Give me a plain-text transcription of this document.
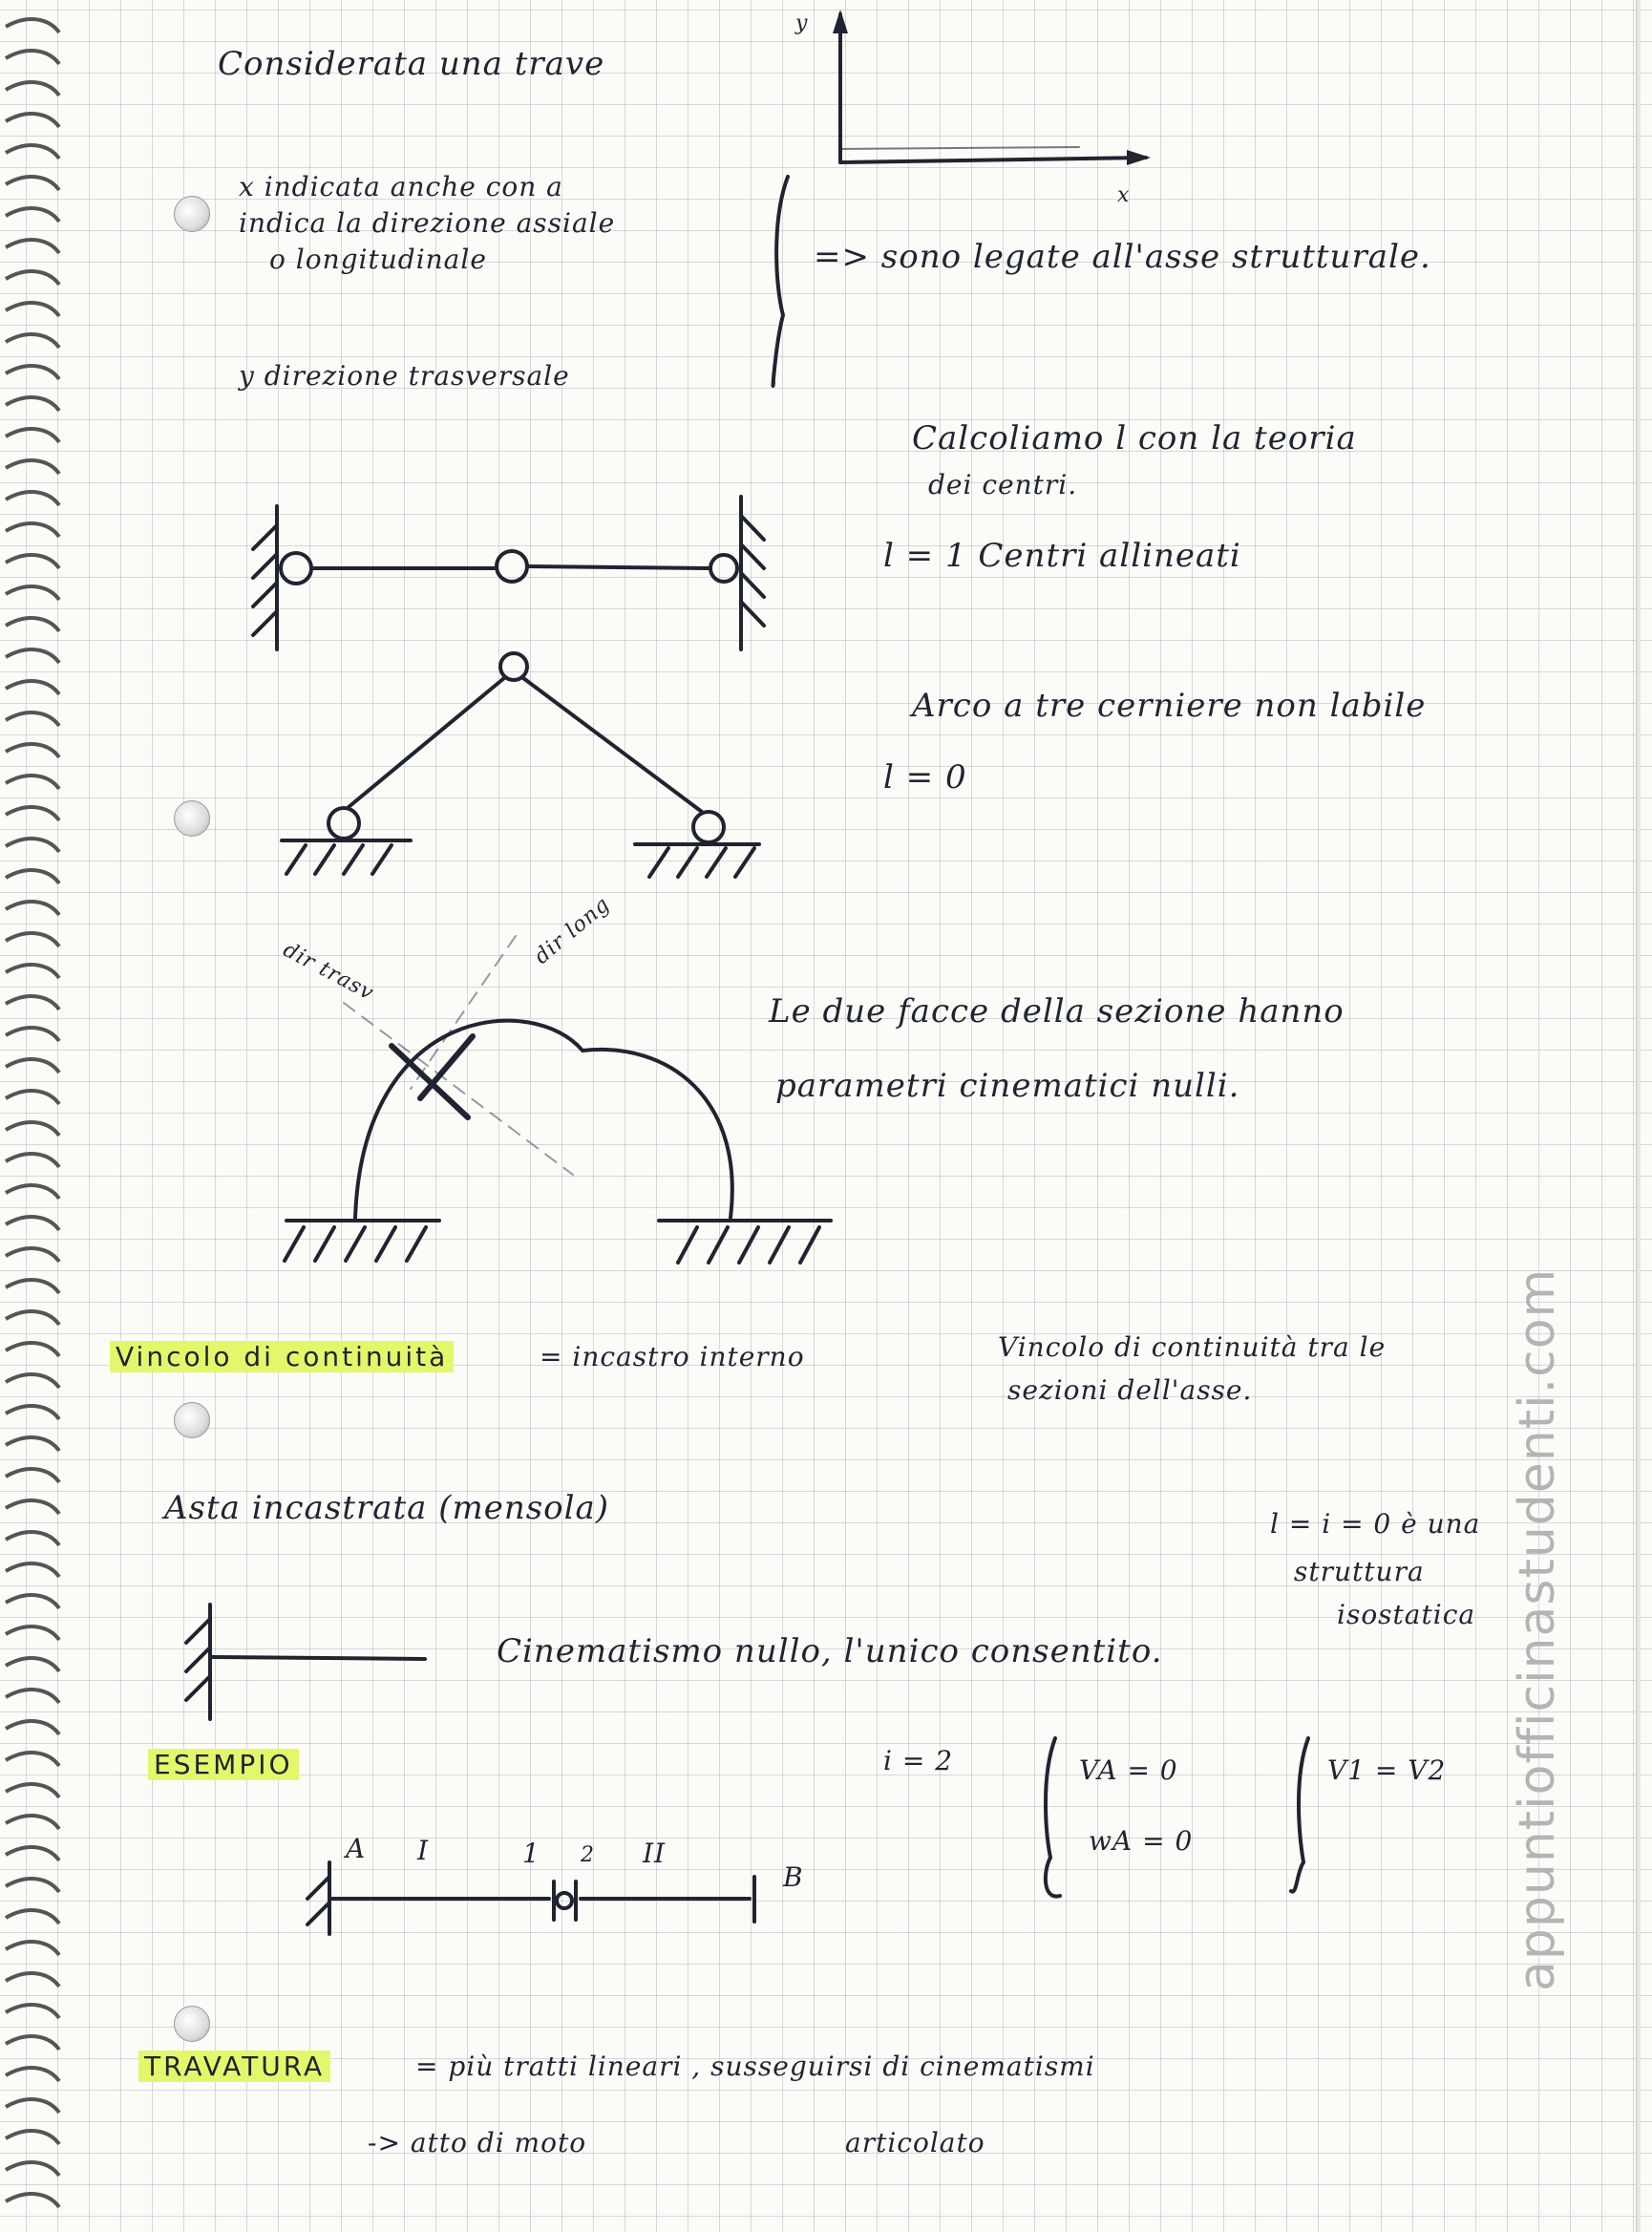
Considerata una trave

y

x

x indicata anche con a

indica la direzione assiale

o longitudinale	=> sono legate all'asse strutturale.

y direzione trasversale

Calcoliamo l con la teoria

dei centri.

l = 1 Centri allineati

Arco a tre cerniere non labile

l = 0

dir trasv

dir long

Le due facce della sezione hanno

parametri cinematici nulli.

Vincolo di continuità	= incastro interno	Vincolo di continuità tra le

sezioni dell'asse.

Asta incastrata (mensola)	l = i = 0 è una

struttura

isostatica

Cinematismo nullo, l'unico consentito.

ESEMPIO	i = 2	VA = 0

wA = 0

V1 = V2

A I	1 2 II

B

TRAVATURA	= più tratti lineari , susseguirsi di cinematismi

-> atto di moto	articolato

appuntiofficinastudenti.com
